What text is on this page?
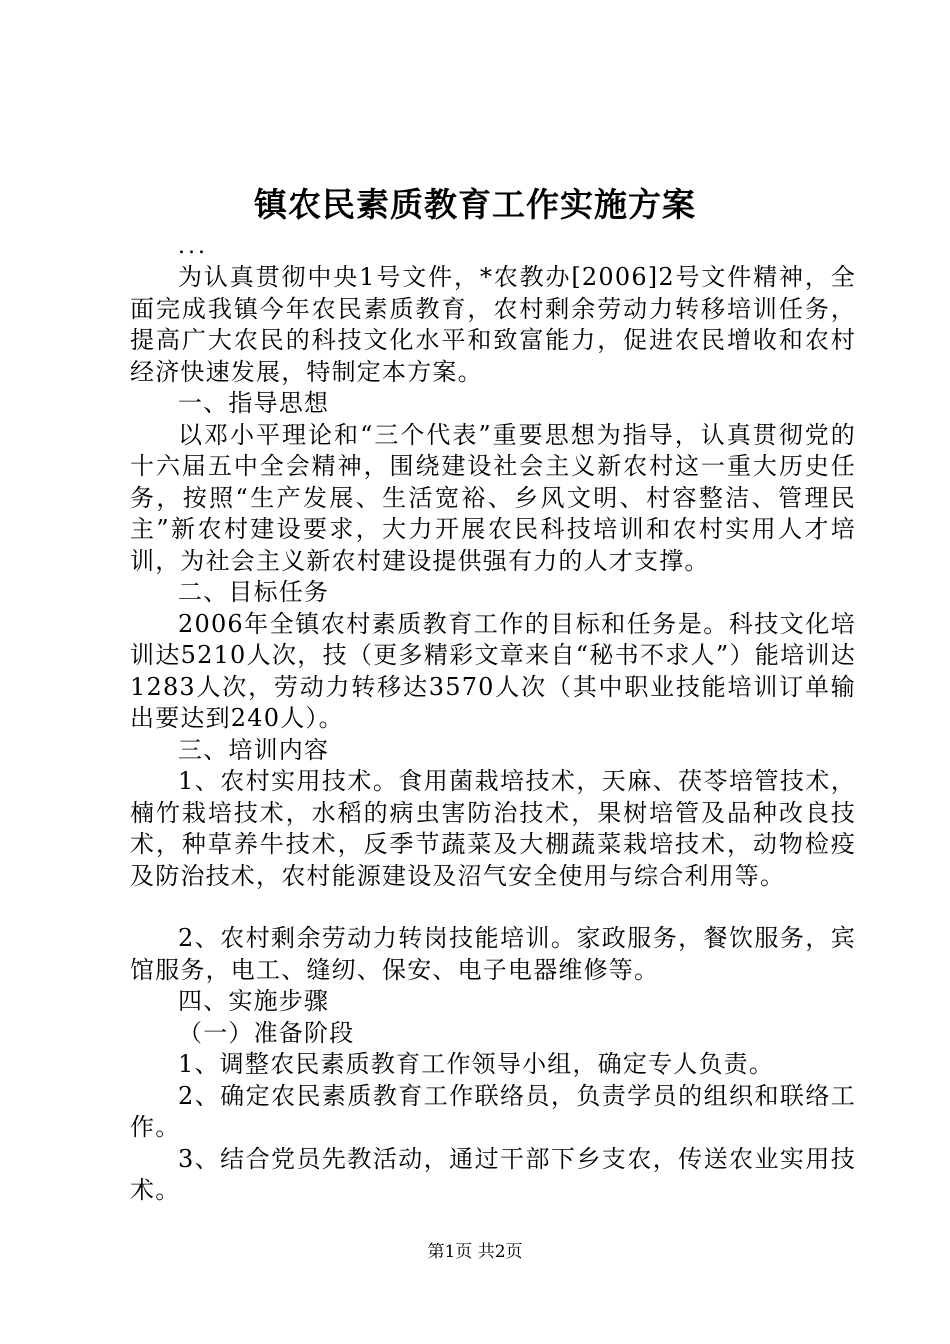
镇农民素质教育工作实施方案
...

为认真贯彻中央1号文件，*农教办[2006]2号文件精神，全面完成我镇今年农民素质教育，农村剩余劳动力转移培训任务，提高广大农民的科技文化水平和致富能力，促进农民增收和农村经济快速发展，特制定本方案。

一、指导思想

以邓小平理论和“三个代表”重要思想为指导，认真贯彻党的十六届五中全会精神，围绕建设社会主义新农村这一重大历史任务，按照“生产发展、生活宽裕、乡风文明、村容整洁、管理民主”新农村建设要求，大力开展农民科技培训和农村实用人才培训，为社会主义新农村建设提供强有力的人才支撑。

二、目标任务

2006年全镇农村素质教育工作的目标和任务是。科技文化培训达5210人次，技（更多精彩文章来自“秘书不求人”）能培训达1283人次，劳动力转移达3570人次（其中职业技能培训订单输出要达到240人）。

三、培训内容

1、农村实用技术。食用菌栽培技术，天麻、茯苓培管技术，楠竹栽培技术，水稻的病虫害防治技术，果树培管及品种改良技术，种草养牛技术，反季节蔬菜及大棚蔬菜栽培技术，动物检疫及防治技术，农村能源建设及沼气安全使用与综合利用等。

2、农村剩余劳动力转岗技能培训。家政服务，餐饮服务，宾馆服务，电工、缝纫、保安、电子电器维修等。

四、实施步骤

（一）准备阶段

1、调整农民素质教育工作领导小组，确定专人负责。

2、确定农民素质教育工作联络员，负责学员的组织和联络工作。

3、结合党员先教活动，通过干部下乡支农，传送农业实用技术。

第1页 共2页
